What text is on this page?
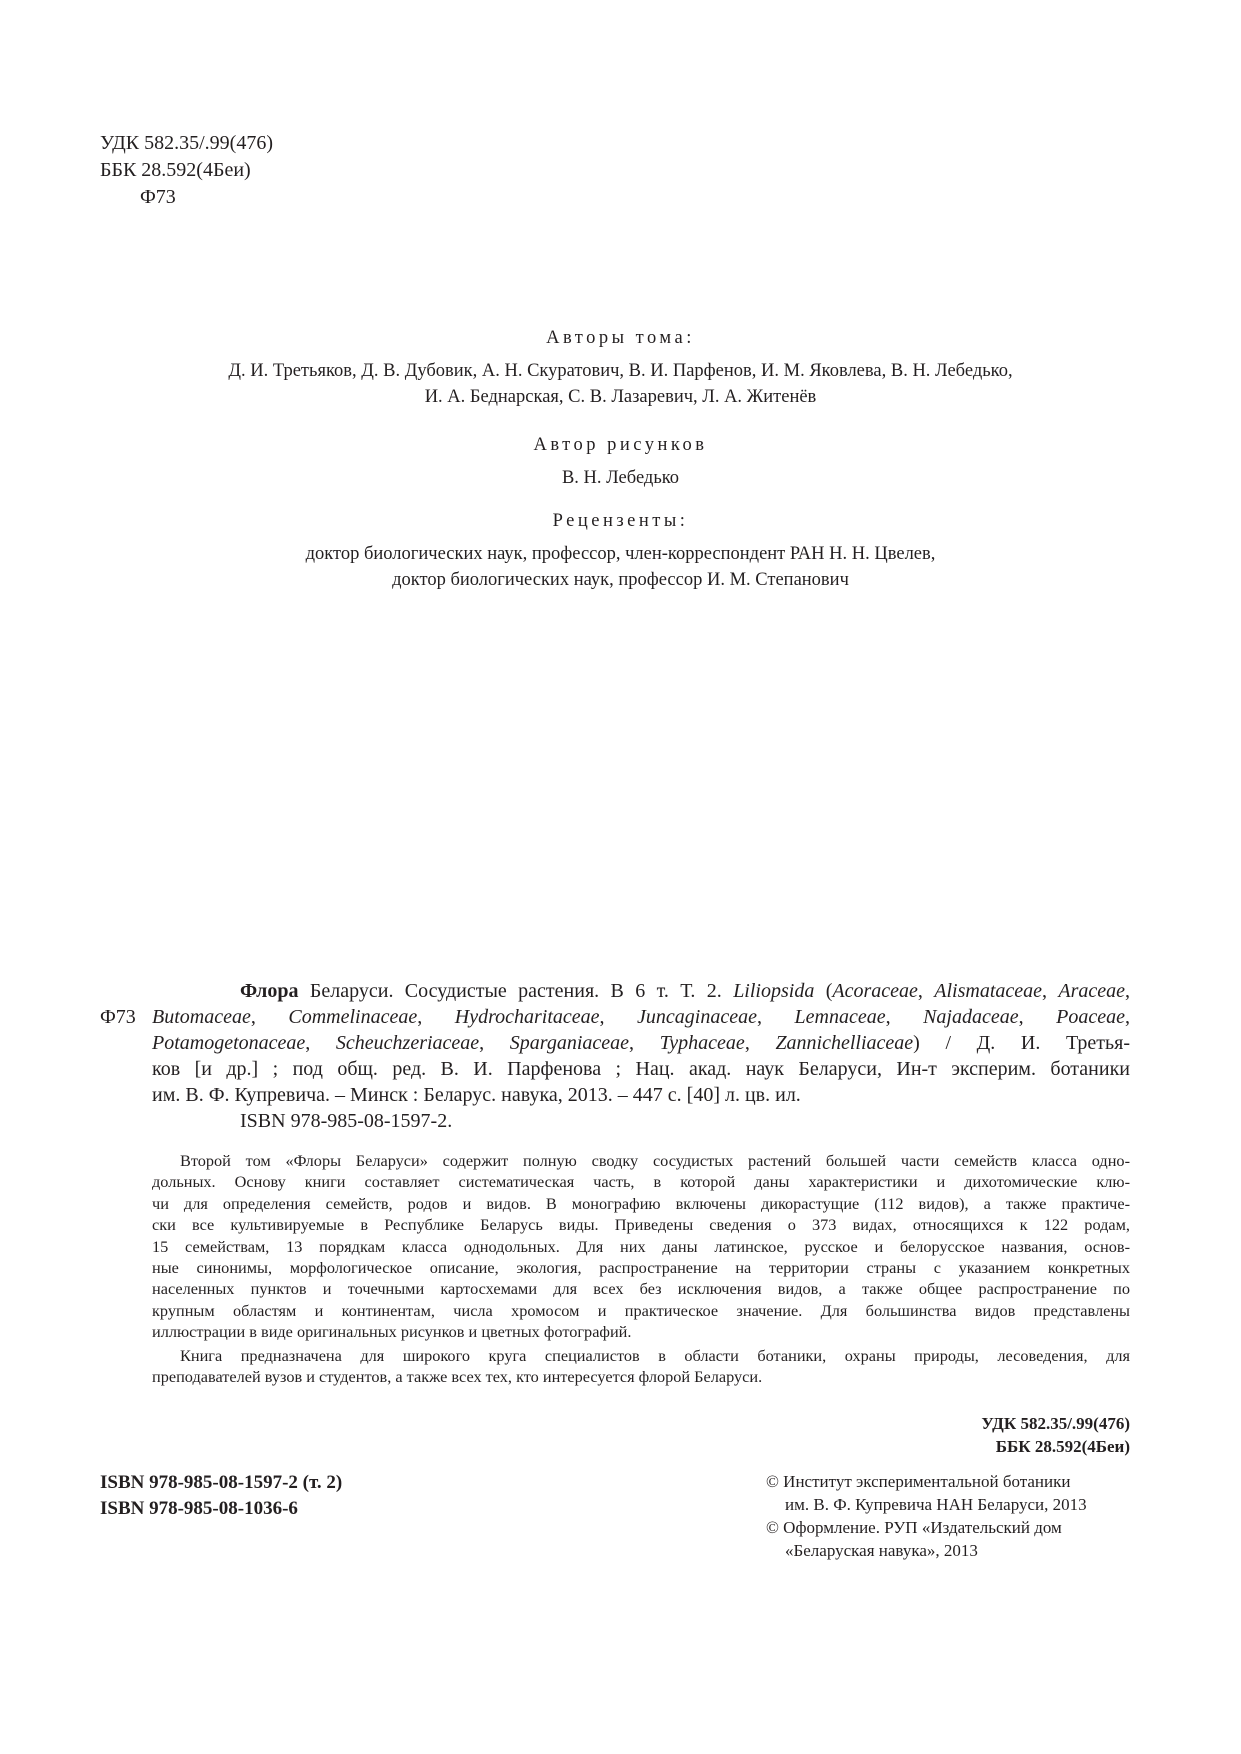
УДК 582.35/.99(476)
ББК 28.592(4Беи)
Ф73
Авторы тома:
Д. И. Третьяков, Д. В. Дубовик, А. Н. Скуратович, В. И. Парфенов, И. М. Яковлева, В. Н. Лебедько,
И. А. Беднарская, С. В. Лазаревич, Л. А. Житенёв
Автор рисунков
В. Н. Лебедько
Рецензенты:
доктор биологических наук, профессор, член-корреспондент РАН Н. Н. Цвелев,
доктор биологических наук, профессор И. М. Степанович
Флора Беларуси. Сосудистые растения. В 6 т. Т. 2. Liliopsida (Acoraceae, Alismataceae, Araceae,
Ф73 Butomaceae, Commelinaceae, Hydrocharitaceae, Juncaginaceae, Lemnaceae, Najadaceae, Poaceae,
Potamogetonaceae, Scheuchzeriaceae, Sparganiaceae, Typhaceae, Zannichelliaceae) / Д. И. Третья-
ков [и др.] ; под общ. ред. В. И. Парфенова ; Нац. акад. наук Беларуси, Ин-т эксперим. ботаники
им. В. Ф. Купревича. – Минск : Беларус. навука, 2013. – 447 с. [40] л. цв. ил.
ISBN 978-985-08-1597-2.
Второй том «Флоры Беларуси» содержит полную сводку сосудистых растений большей части семейств класса одно-
дольных. Основу книги составляет систематическая часть, в которой даны характеристики и дихотомические клю-
чи для определения семейств, родов и видов. В монографию включены дикорастущие (112 видов), а также практиче-
ски все культивируемые в Республике Беларусь виды. Приведены сведения о 373 видах, относящихся к 122 родам,
15 семействам, 13 порядкам класса однодольных. Для них даны латинское, русское и белорусское названия, основ-
ные синонимы, морфологическое описание, экология, распространение на территории страны с указанием конкретных
населенных пунктов и точечными картосхемами для всех без исключения видов, а также общее распространение по
крупным областям и континентам, числа хромосом и практическое значение. Для большинства видов представлены
иллюстрации в виде оригинальных рисунков и цветных фотографий.
Книга предназначена для широкого круга специалистов в области ботаники, охраны природы, лесоведения, для
преподавателей вузов и студентов, а также всех тех, кто интересуется флорой Беларуси.
УДК 582.35/.99(476)
ББК 28.592(4Беи)
ISBN 978-985-08-1597-2 (т. 2)
ISBN 978-985-08-1036-6
© Институт экспериментальной ботаники
им. В. Ф. Купревича НАН Беларуси, 2013
© Оформление. РУП «Издательский дом
«Беларуская навука», 2013
